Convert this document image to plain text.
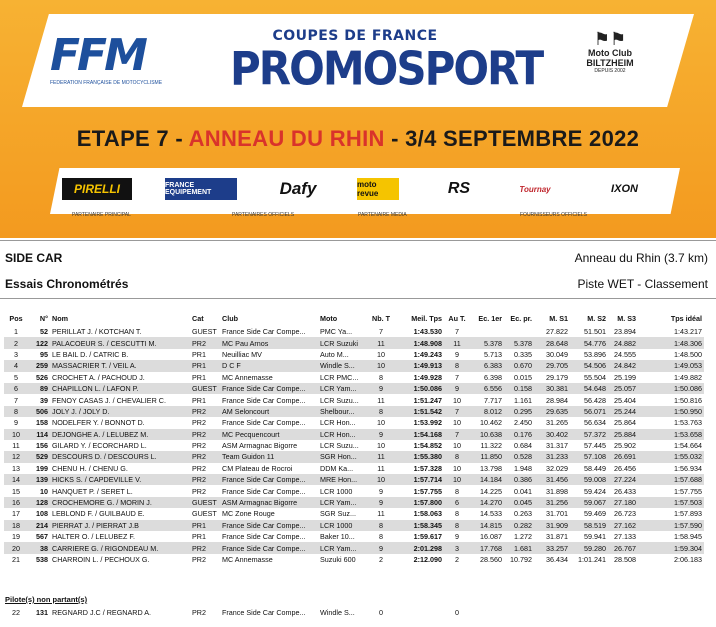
FFM
FEDERATION FRANÇAISE DE MOTOCYCLISME
COUPES DE FRANCE
PROMOSPORT
⚑⚑
Moto Club
BILTZHEIM
DEPUIS 2002
ETAPE 7 - ANNEAU DU RHIN - 3/4 SEPTEMBRE 2022
PIRELLI	FRANCE EQUIPEMENT	Dafy	moto revue	RS	Tournay	IXON
PARTENAIRE PRINCIPAL	PARTENAIRES OFFICIELS	PARTENAIRE MEDIA	FOURNISSEURS OFFICIELS
SIDE CAR	Anneau du Rhin (3.7 km)
Essais Chronométrés	Piste WET - Classement
Pos	N°	Nom	Cat	Club	Moto	Nb. T	Meil. Tps	Au T.	Ec. 1er	Ec. pr.	M. S1	M. S2	M. S3	Tps idéal
1	52	PERILLAT J. / KOTCHAN T.	GUEST	France Side Car Compe...	PMC Ya...	7	1:43.530	7			27.822	51.501	23.894	1:43.217
2	122	PALACOEUR S. / CESCUTTI M.	PR2	MC Pau Arnos	LCR Suzuki	11	1:48.908	11	5.378	5.378	28.648	54.776	24.882	1:48.306
3	95	LE BAIL D. / CATRIC B.	PR1	Neuilliac MV	Auto M...	10	1:49.243	9	5.713	0.335	30.049	53.896	24.555	1:48.500
4	259	MASSACRIER T. / VEIL A.	PR1	D C F	Windle S...	10	1:49.913	8	6.383	0.670	29.705	54.506	24.842	1:49.053
5	526	CROCHET A. / PACHOUD J.	PR1	MC Annemasse	LCR PMC...	8	1:49.928	7	6.398	0.015	29.179	55.504	25.199	1:49.882
6	89	CHAPILLON L. / LAFON P.	GUEST	France Side Car Compe...	LCR Yam...	9	1:50.086	9	6.556	0.158	30.381	54.648	25.057	1:50.086
7	39	FENOY CASAS J. / CHEVALIER C.	PR1	France Side Car Compe...	LCR Suzu...	11	1:51.247	10	7.717	1.161	28.984	56.428	25.404	1:50.816
8	506	JOLY J. / JOLY D.	PR2	AM Selonc​ourt	Shelbour...	8	1:51.542	7	8.012	0.295	29.635	56.071	25.244	1:50.950
9	158	NODELFER Y. / BONNOT D.	PR2	France Side Car Compe...	LCR Hon...	10	1:53.992	10	10.462	2.450	31.265	56.634	25.864	1:53.763
10	114	DEJONGHE A. / LELUBEZ M.	PR2	MC Pecquencourt	LCR Hon...	9	1:54.168	7	10.638	0.176	30.402	57.372	25.884	1:53.658
11	156	GILARD Y. / ECORCHARD L.	PR2	ASM Armagnac Bigorre	LCR Suzu...	10	1:54.852	10	11.322	0.684	31.317	57.445	25.902	1:54.664
12	529	DESCOURS D. / DESCOURS L.	PR2	Team Guidon 11	SGR Hon...	11	1:55.380	8	11.850	0.528	31.233	57.108	26.691	1:55.032
13	199	CHENU H. / CHENU G.	PR2	CM Plateau de Rocroi	DDM Ka...	11	1:57.328	10	13.798	1.948	32.029	58.449	26.456	1:56.934
14	139	HICKS S. / CAPDEVILLE V.	PR2	France Side Car Compe...	MRE Hon...	10	1:57.714	10	14.184	0.386	31.456	59.008	27.224	1:57.688
15	10	HANQUET P. / SERET L.	PR2	France Side Car Compe...	LCR 1000	9	1:57.755	8	14.225	0.041	31.898	59.424	26.433	1:57.755
16	128	CROCHEMORE G. / MORIN J.	GUEST	ASM Armagnac Bigorre	LCR Yam...	9	1:57.800	6	14.270	0.045	31.256	59.067	27.180	1:57.503
17	108	LEBLOND F. / GUILBAUD E.	GUEST	MC Zone Rouge	SGR Suz...	11	1:58.063	8	14.533	0.263	31.701	59.469	26.723	1:57.893
18	214	PIERRAT J. / PIERRAT J.B	PR1	France Side Car Compe...	LCR 1000	8	1:58.345	8	14.815	0.282	31.909	58.519	27.162	1:57.590
19	567	HALTER O. / LELUBEZ F.	PR1	France Side Car Compe...	Baker 10...	8	1:59.617	9	16.087	1.272	31.871	59.941	27.133	1:58.945
20	38	CARRIERE G. / RIGONDEAU M.	PR2	France Side Car Compe...	LCR Yam...	9	2:01.298	3	17.768	1.681	33.257	59.280	26.767	1:59.304
21	538	CHARROIN L. / PECHOUX G.	PR2	MC Annemasse	Suzuki 600	2	2:12.090	2	28.560	10.792	36.434	1:01.241	28.508	2:06.183
Pilote(s) non partant(s)
22	131	REGNARD J.C / REGNARD A.	PR2	France Side Car Compe...	Windle S...	0		0						
